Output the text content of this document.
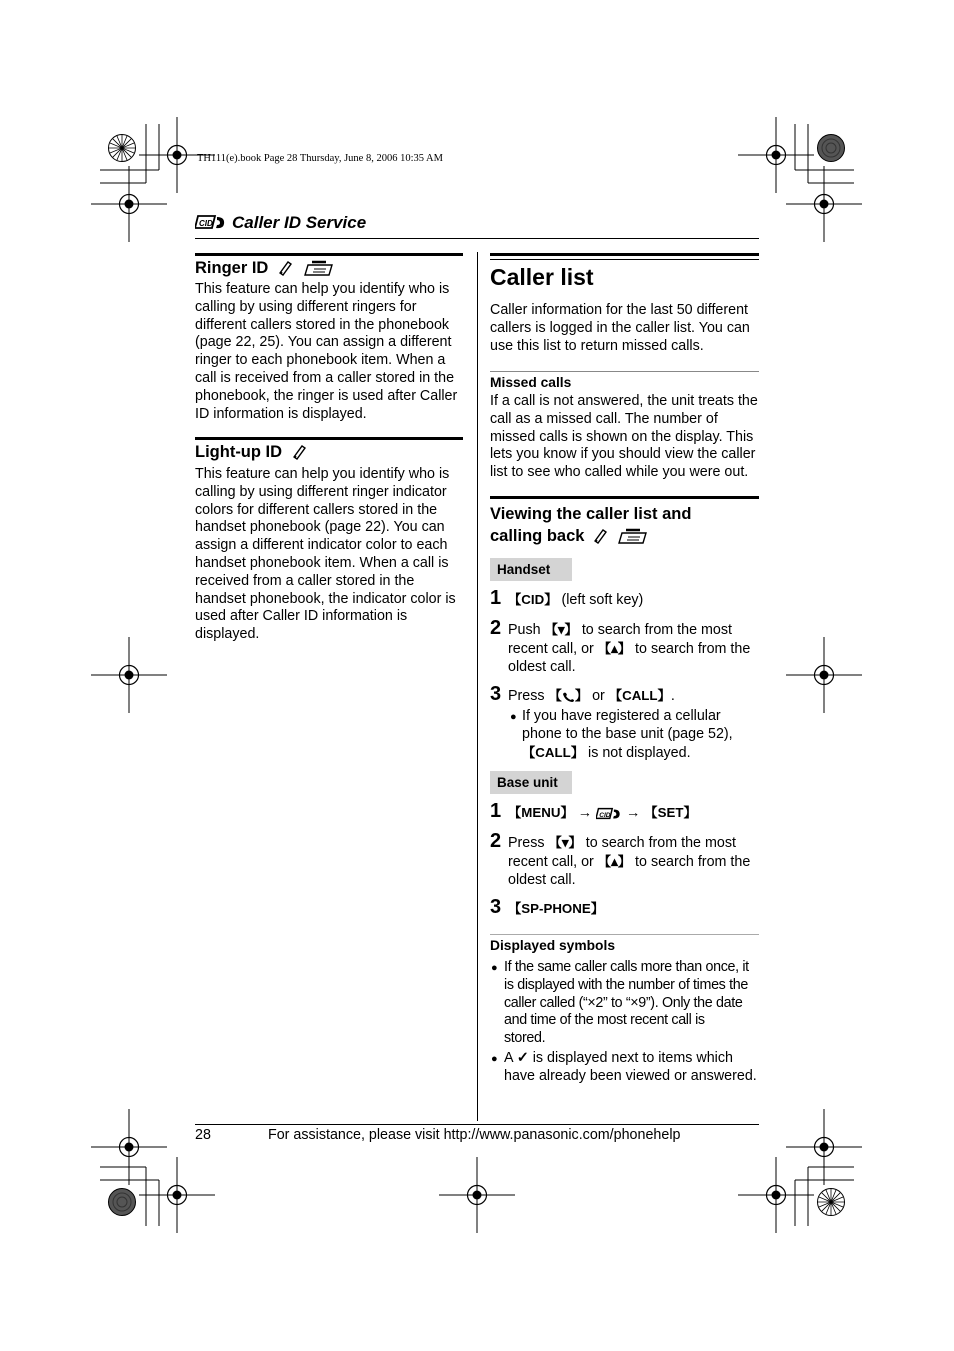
TH111(e).book Page 28 Thursday, June 8, 2006 10:35 AM
CID Caller ID Service
Ringer ID
This feature can help you identify who is
calling by using different ringers for
different callers stored in the phonebook
(page 22, 25). You can assign a different
ringer to each phonebook item. When a
call is received from a caller stored in the
phonebook, the ringer is used after Caller
ID information is displayed.
Light-up ID
This feature can help you identify who is
calling by using different ringer indicator
colors for different callers stored in the
handset phonebook (page 22). You can
assign a different indicator color to each
handset phonebook item. When a call is
received from a caller stored in the
handset phonebook, the indicator color is
used after Caller ID information is
displayed.
Caller list
Caller information for the last 50 different
callers is logged in the caller list. You can
use this list to return missed calls.
Missed calls
If a call is not answered, the unit treats the
call as a missed call. The number of
missed calls is shown on the display. This
lets you know if you should view the caller
list to see who called while you were out.
Viewing the caller list and
calling back
Handset
1 【CID】 (left soft key)
2 Push 【▾】 to search from the most
recent call, or 【▴】 to search from the
oldest call.
3 Press 【 】 or 【CALL】.
● If you have registered a cellular
phone to the base unit (page 52),
【CALL】 is not displayed.
Base unit
1 【MENU】 → CID → 【SET】
2 Press 【▾】 to search from the most
recent call, or 【▴】 to search from the
oldest call.
3 【SP-PHONE】
Displayed symbols
● If the same caller calls more than once, it
is displayed with the number of times the
caller called (“×2” to “×9”). Only the date
and time of the most recent call is
stored.
● A ✓ is displayed next to items which
have already been viewed or answered.
28	For assistance, please visit http://www.panasonic.com/phonehelp
